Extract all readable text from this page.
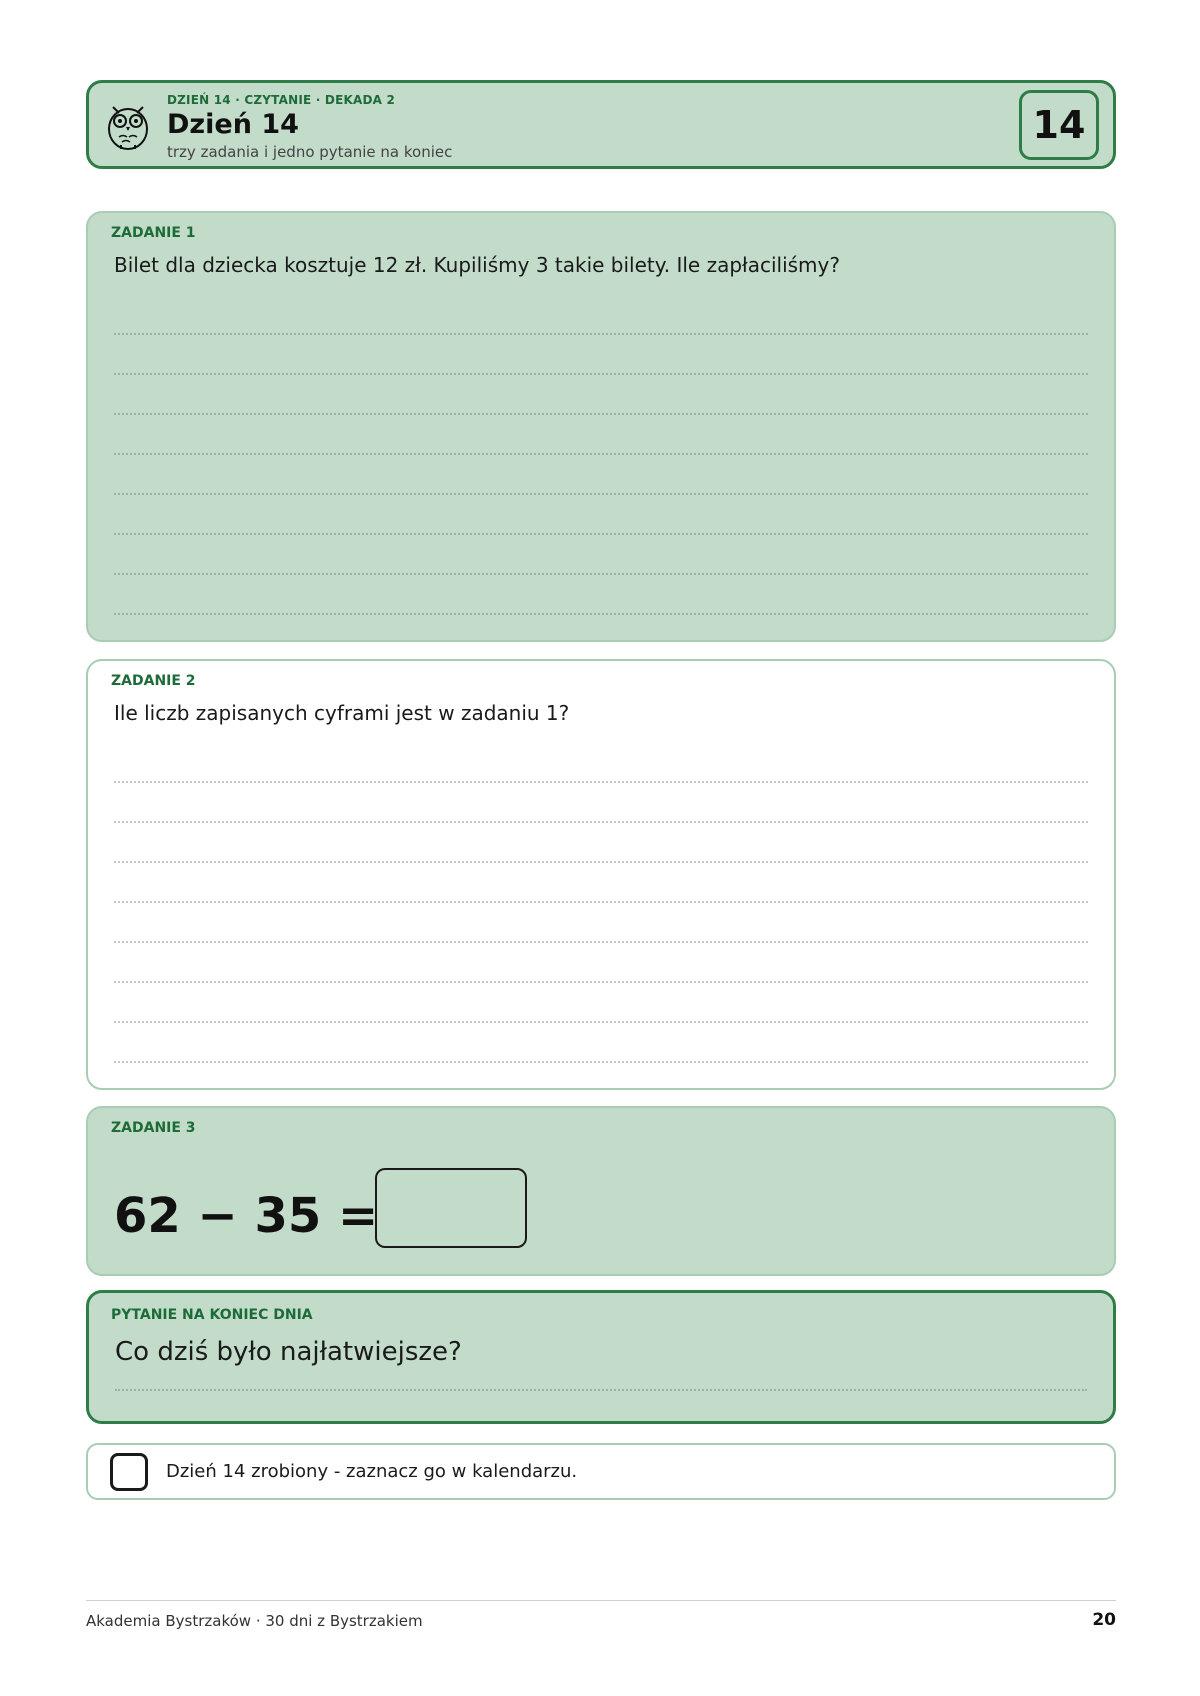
DZIEŃ 14 · CZYTANIE · DEKADA 2
Dzień 14
trzy zadania i jedno pytanie na koniec
14
ZADANIE 1
Bilet dla dziecka kosztuje 12 zł. Kupiliśmy 3 takie bilety. Ile zapłaciliśmy?
ZADANIE 2
Ile liczb zapisanych cyframi jest w zadaniu 1?
ZADANIE 3
62 − 35 =
PYTANIE NA KONIEC DNIA
Co dziś było najłatwiejsze?
Dzień 14 zrobiony - zaznacz go w kalendarzu.
Akademia Bystrzaków · 30 dni z Bystrzakiem	20
